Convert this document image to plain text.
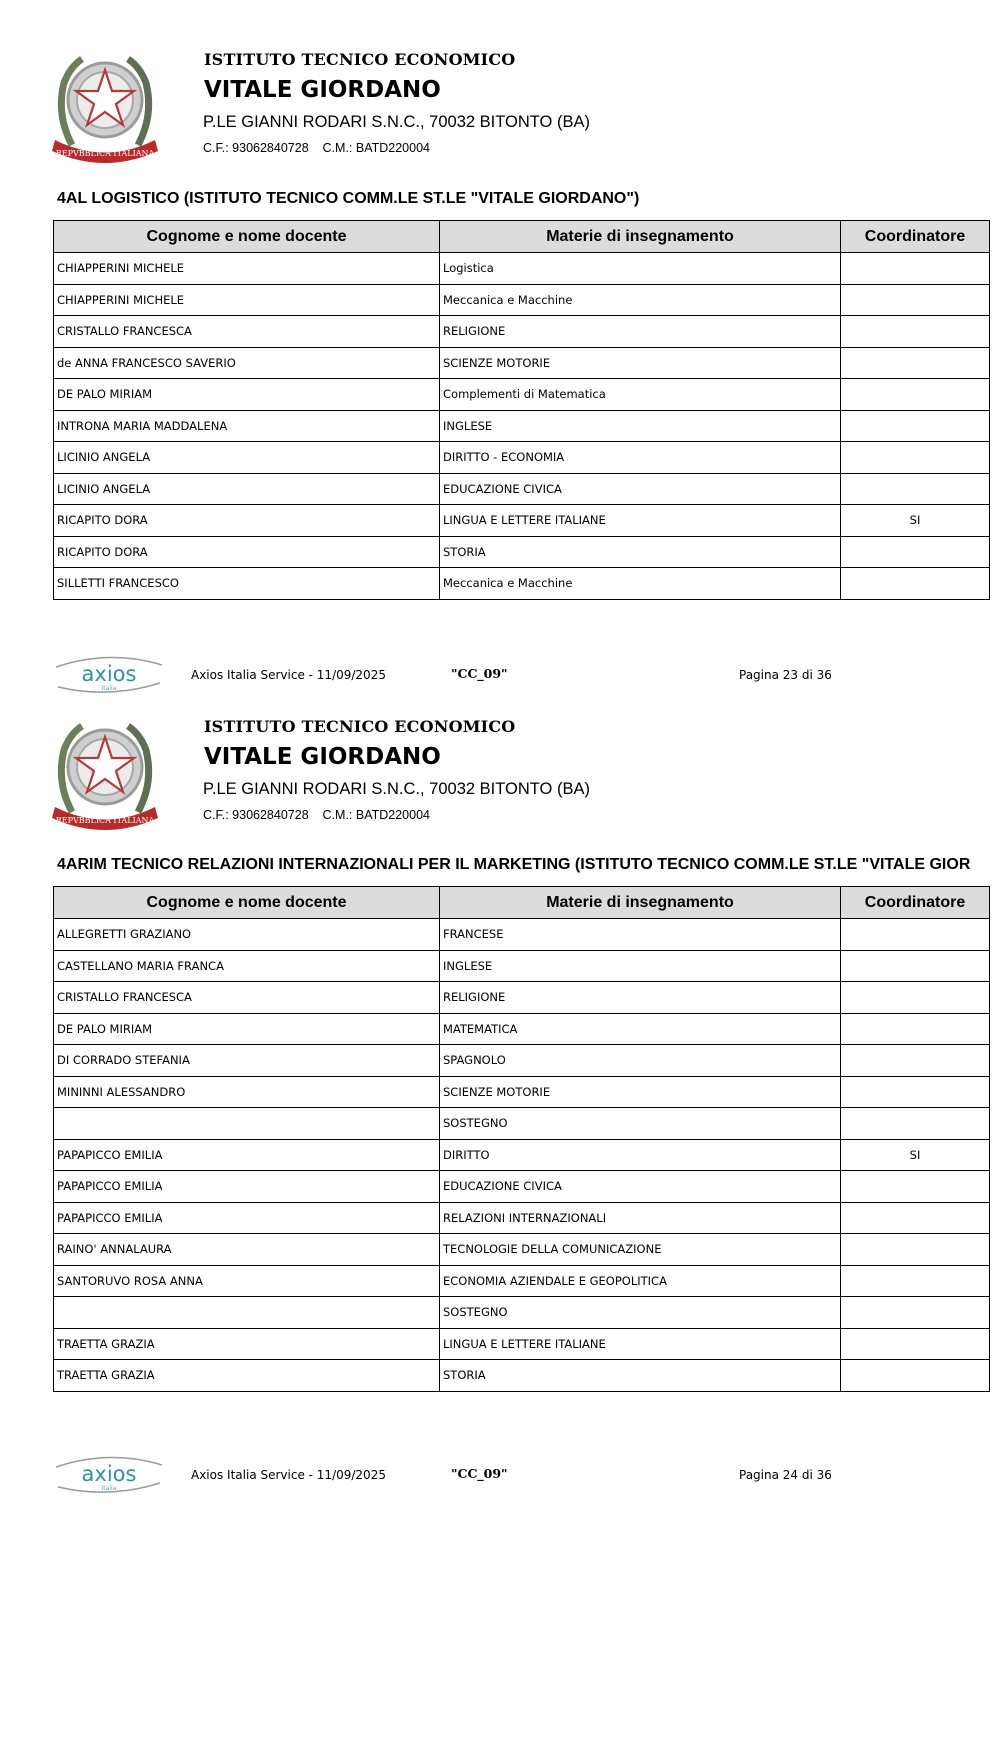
REPVBBLICA ITALIANA
ISTITUTO TECNICO ECONOMICO
VITALE GIORDANO
P.LE GIANNI RODARI S.N.C., 70032 BITONTO (BA)
C.F.: 93062840728    C.M.: BATD220004
4AL LOGISTICO (ISTITUTO TECNICO COMM.LE ST.LE "VITALE GIORDANO")
Cognome e nome docente	Materie di insegnamento	Coordinatore
CHIAPPERINI MICHELE	Logistica	
CHIAPPERINI MICHELE	Meccanica e Macchine	
CRISTALLO FRANCESCA	RELIGIONE	
de ANNA FRANCESCO SAVERIO	SCIENZE MOTORIE	
DE PALO MIRIAM	Complementi di Matematica	
INTRONA MARIA MADDALENA	INGLESE	
LICINIO ANGELA	DIRITTO - ECONOMIA	
LICINIO ANGELA	EDUCAZIONE CIVICA	
RICAPITO DORA	LINGUA E LETTERE ITALIANE	SI
RICAPITO DORA	STORIA	
SILLETTI FRANCESCO	Meccanica e Macchine	
axios
italia
Axios Italia Service - 11/09/2025	"CC_09"	Pagina 23 di 36
REPVBBLICA ITALIANA
ISTITUTO TECNICO ECONOMICO
VITALE GIORDANO
P.LE GIANNI RODARI S.N.C., 70032 BITONTO (BA)
C.F.: 93062840728    C.M.: BATD220004
4ARIM TECNICO RELAZIONI INTERNAZIONALI PER IL MARKETING (ISTITUTO TECNICO COMM.LE ST.LE "VITALE GIOR
Cognome e nome docente	Materie di insegnamento	Coordinatore
ALLEGRETTI GRAZIANO	FRANCESE	
CASTELLANO MARIA FRANCA	INGLESE	
CRISTALLO FRANCESCA	RELIGIONE	
DE PALO MIRIAM	MATEMATICA	
DI CORRADO STEFANIA	SPAGNOLO	
MININNI ALESSANDRO	SCIENZE MOTORIE	
	SOSTEGNO	
PAPAPICCO EMILIA	DIRITTO	SI
PAPAPICCO EMILIA	EDUCAZIONE CIVICA	
PAPAPICCO EMILIA	RELAZIONI INTERNAZIONALI	
RAINO' ANNALAURA	TECNOLOGIE DELLA COMUNICAZIONE	
SANTORUVO ROSA ANNA	ECONOMIA AZIENDALE E GEOPOLITICA	
	SOSTEGNO	
TRAETTA GRAZIA	LINGUA E LETTERE ITALIANE	
TRAETTA GRAZIA	STORIA	
axios
italia
Axios Italia Service - 11/09/2025	"CC_09"	Pagina 24 di 36
